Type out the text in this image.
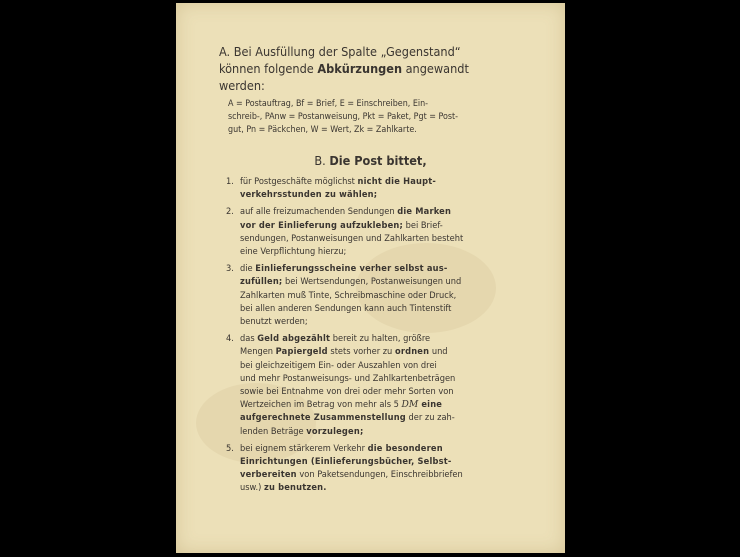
A. Bei Ausfüllung der Spalte „Gegenstand“
können folgende Abkürzungen angewandt
werden:
A = Postauftrag, Bf = Brief, E = Einschreiben, Ein-
schreib-, PAnw = Postanweisung, Pkt = Paket, Pgt = Post-
gut, Pn = Päckchen, W = Wert, Zk = Zahlkarte.
B. Die Post bittet,
1. für Postgeschäfte möglichst nicht die Haupt-
verkehrsstunden zu wählen;
2. auf alle freizumachenden Sendungen die Marken
vor der Einlieferung aufzukleben; bei Brief-
sendungen, Postanweisungen und Zahlkarten besteht
eine Verpflichtung hierzu;
3. die Einlieferungsscheine verher selbst aus-
zufüllen; bei Wertsendungen, Postanweisungen und
Zahlkarten muß Tinte, Schreibmaschine oder Druck,
bei allen anderen Sendungen kann auch Tintenstift
benutzt werden;
4. das Geld abgezählt bereit zu halten, größre
Mengen Papiergeld stets vorher zu ordnen und
bei gleichzeitigem Ein- oder Auszahlen von drei
und mehr Postanweisungs- und Zahlkartenbeträgen
sowie bei Entnahme von drei oder mehr Sorten von
Wertzeichen im Betrag von mehr als 5 DM eine
aufgerechnete Zusammenstellung der zu zah-
lenden Beträge vorzulegen;
5. bei eignem stärkerem Verkehr die besonderen
Einrichtungen (Einlieferungsbücher, Selbst-
verbereiten von Paketsendungen, Einschreibbriefen
usw.) zu benutzen.
